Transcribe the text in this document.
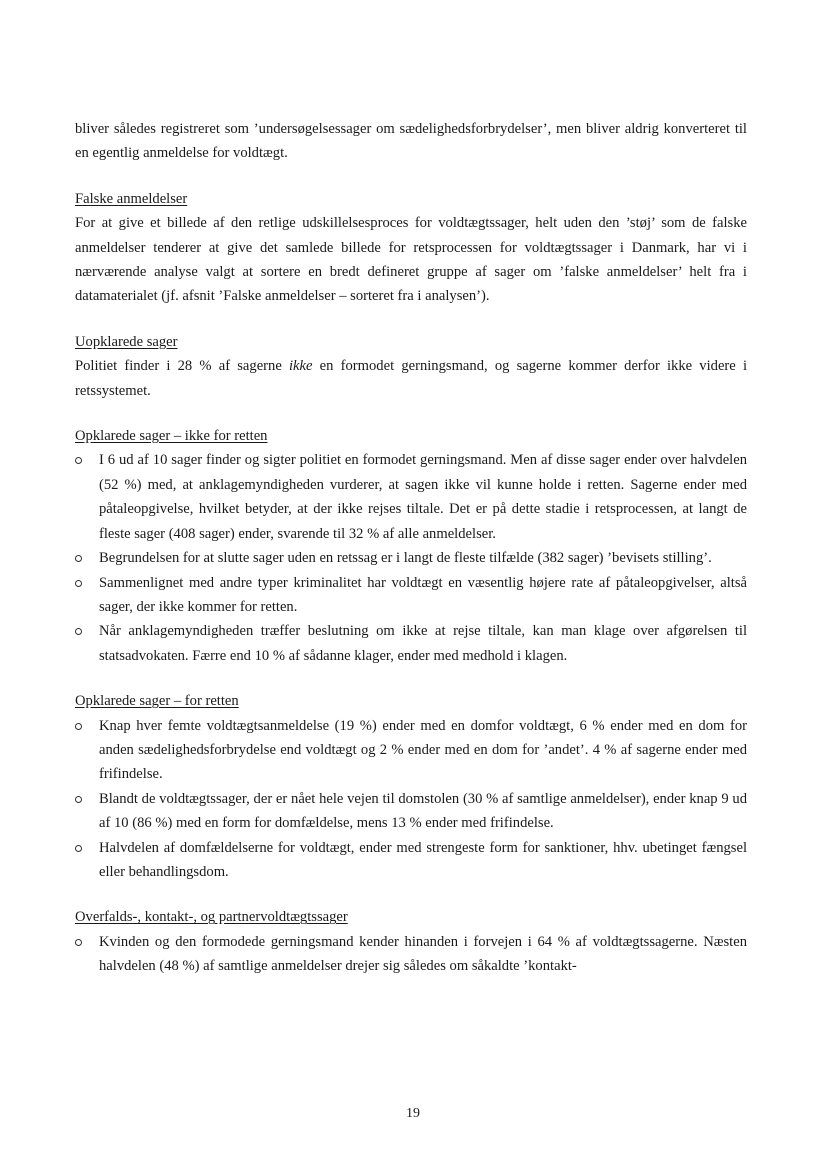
bliver således registreret som ’undersøgelsessager om sædelighedsforbrydelser’, men bliver aldrig konverteret til en egentlig anmeldelse for voldtægt.

Falske anmeldelser

For at give et billede af den retlige udskillelsesproces for voldtægtssager, helt uden den ’støj’ som de falske anmeldelser tenderer at give det samlede billede for retsprocessen for voldtægtssager i Danmark, har vi i nærværende analyse valgt at sortere en bredt defineret gruppe af sager om ’falske anmeldelser’ helt fra i datamaterialet (jf. afsnit ’Falske anmeldelser – sorteret fra i analysen’).

Uopklarede sager

Politiet finder i 28 % af sagerne ikke en formodet gerningsmand, og sagerne kommer derfor ikke videre i retssystemet.

Opklarede sager – ikke for retten

I 6 ud af 10 sager finder og sigter politiet en formodet gerningsmand. Men af disse sager ender over halvdelen (52 %) med, at anklagemyndigheden vurderer, at sagen ikke vil kunne holde i retten. Sagerne ender med påtaleopgivelse, hvilket betyder, at der ikke rejses tiltale. Det er på dette stadie i retsprocessen, at langt de fleste sager (408 sager) ender, svarende til 32 % af alle anmeldelser.
Begrundelsen for at slutte sager uden en retssag er i langt de fleste tilfælde (382 sager) ’bevisets stilling’.
Sammenlignet med andre typer kriminalitet har voldtægt en væsentlig højere rate af påtaleopgivelser, altså sager, der ikke kommer for retten.
Når anklagemyndigheden træffer beslutning om ikke at rejse tiltale, kan man klage over afgørelsen til statsadvokaten. Færre end 10 % af sådanne klager, ender med medhold i klagen.

Opklarede sager – for retten

Knap hver femte voldtægtsanmeldelse (19 %) ender med en domfor voldtægt, 6 % ender med en dom for anden sædelighedsforbrydelse end voldtægt og 2 % ender med en dom for ’andet’. 4 % af sagerne ender med frifindelse.
Blandt de voldtægtssager, der er nået hele vejen til domstolen (30 % af samtlige anmeldelser), ender knap 9 ud af 10 (86 %) med en form for domfældelse, mens 13 % ender med frifindelse.
Halvdelen af domfældelserne for voldtægt, ender med strengeste form for sanktioner, hhv. ubetinget fængsel eller behandlingsdom.

Overfalds-, kontakt-, og partnervoldtægtssager

Kvinden og den formodede gerningsmand kender hinanden i forvejen i 64 % af voldtægtssagerne. Næsten halvdelen (48 %) af samtlige anmeldelser drejer sig således om såkaldte ’kontakt-
19
